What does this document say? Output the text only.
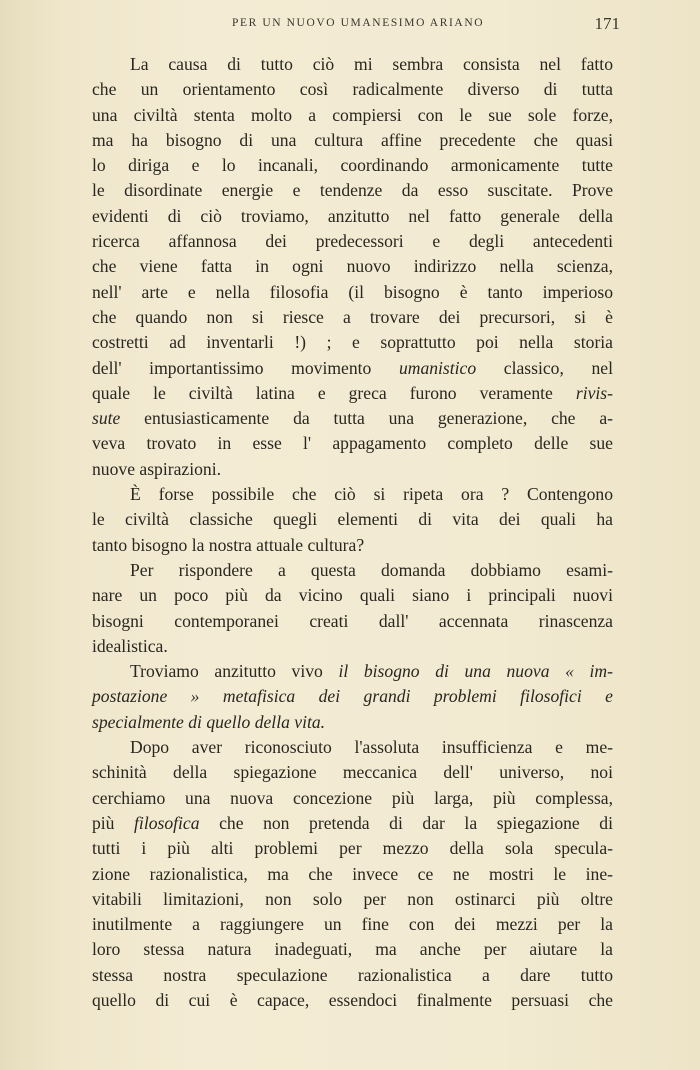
PER UN NUOVO UMANESIMO ARIANO	171
La causa di tutto ciò mi sembra consista nel fatto
che un orientamento così radicalmente diverso di tutta
una civiltà stenta molto a compiersi con le sue sole forze,
ma ha bisogno di una cultura affine precedente che quasi
lo diriga e lo incanali, coordinando armonicamente tutte
le disordinate energie e tendenze da esso suscitate. Prove
evidenti di ciò troviamo, anzitutto nel fatto generale della
ricerca affannosa dei predecessori e degli antecedenti
che viene fatta in ogni nuovo indirizzo nella scienza,
nell' arte e nella filosofia (il bisogno è tanto imperioso
che quando non si riesce a trovare dei precursori, si è
costretti ad inventarli !) ; e soprattutto poi nella storia
dell' importantissimo movimento umanistico classico, nel
quale le civiltà latina e greca furono veramente rivis-
sute entusiasticamente da tutta una generazione, che a-
veva trovato in esse l' appagamento completo delle sue
nuove aspirazioni.
È forse possibile che ciò si ripeta ora ? Contengono
le civiltà classiche quegli elementi di vita dei quali ha
tanto bisogno la nostra attuale cultura?
Per rispondere a questa domanda dobbiamo esami-
nare un poco più da vicino quali siano i principali nuovi
bisogni contemporanei creati dall' accennata rinascenza
idealistica.
Troviamo anzitutto vivo il bisogno di una nuova « im-
postazione » metafisica dei grandi problemi filosofici e
specialmente di quello della vita.
Dopo aver riconosciuto l'assoluta insufficienza e me-
schinità della spiegazione meccanica dell' universo, noi
cerchiamo una nuova concezione più larga, più complessa,
più filosofica che non pretenda di dar la spiegazione di
tutti i più alti problemi per mezzo della sola specula-
zione razionalistica, ma che invece ce ne mostri le ine-
vitabili limitazioni, non solo per non ostinarci più oltre
inutilmente a raggiungere un fine con dei mezzi per la
loro stessa natura inadeguati, ma anche per aiutare la
stessa nostra speculazione razionalistica a dare tutto
quello di cui è capace, essendoci finalmente persuasi che
